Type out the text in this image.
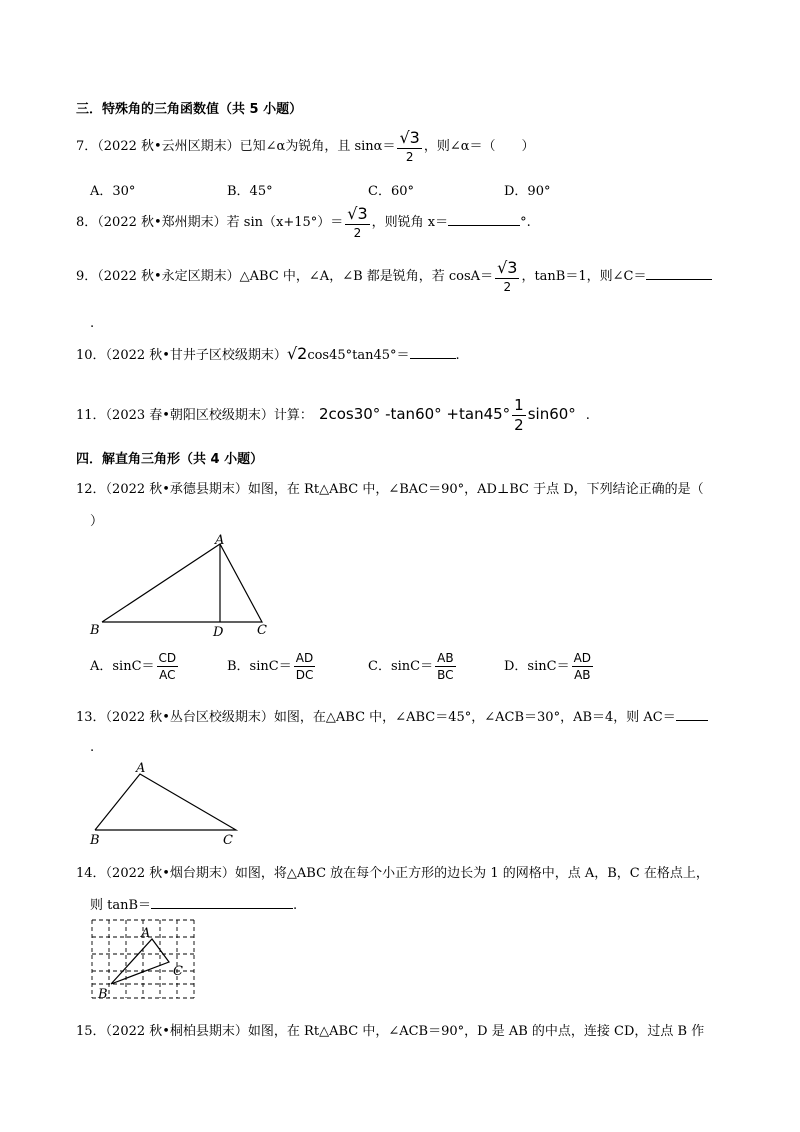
三．特殊角的三角函数值（共 5 小题）
7．（2022 秋•云州区期末）已知∠α为锐角，且 $\sin\alpha= \frac{√3}{2}$ ，则∠α＝（　　）
A．30°	B．45°	C．60°	D．90°
8．（2022 秋•郑州期末）若 $\sin(x+15^\circ)= \frac{√3}{2}$ ，则锐角 x＝	°.
9．（2022 秋•永定区期末）△ABC 中，∠A，∠B 都是锐角，若 $\cos A= \frac{√3}{2}$ ，tanB＝1，则∠C＝
.
10．（2022 秋•甘井子区校级期末）√2cos45°tan45°＝	.
11．（2023 春•朝阳区校级期末）计算： 2cos30° $-\tan 60^\circ +\tan 45^\circ \frac{1}{2} \sin 60^\circ$ .
四．解直角三角形（共 4 小题）
12．（2022 秋•承德县期末）如图，在 Rt△ABC 中，∠BAC＝90°，AD⊥BC 于点 D，下列结论正确的是（
）
A
B	D	C
A．$\sin C= \frac{CD}{AC}$	B．$\sin C= \frac{AD}{DC}$	C．$\sin C= \frac{AB}{BC}$	D．$\sin C= \frac{AD}{AB}$
13．（2022 秋•丛台区校级期末）如图，在△ABC 中，∠ABC＝45°，∠ACB＝30°，AB＝4，则 AC＝
.
A
B	C
14．（2022 秋•烟台期末）如图，将△ABC 放在每个小正方形的边长为 1 的网格中，点 A，B，C 在格点上，
则 tanB＝	.
A
B
C
15．（2022 秋•桐柏县期末）如图，在 Rt△ABC 中，∠ACB＝90°，D 是 AB 的中点，连接 CD，过点 B 作
